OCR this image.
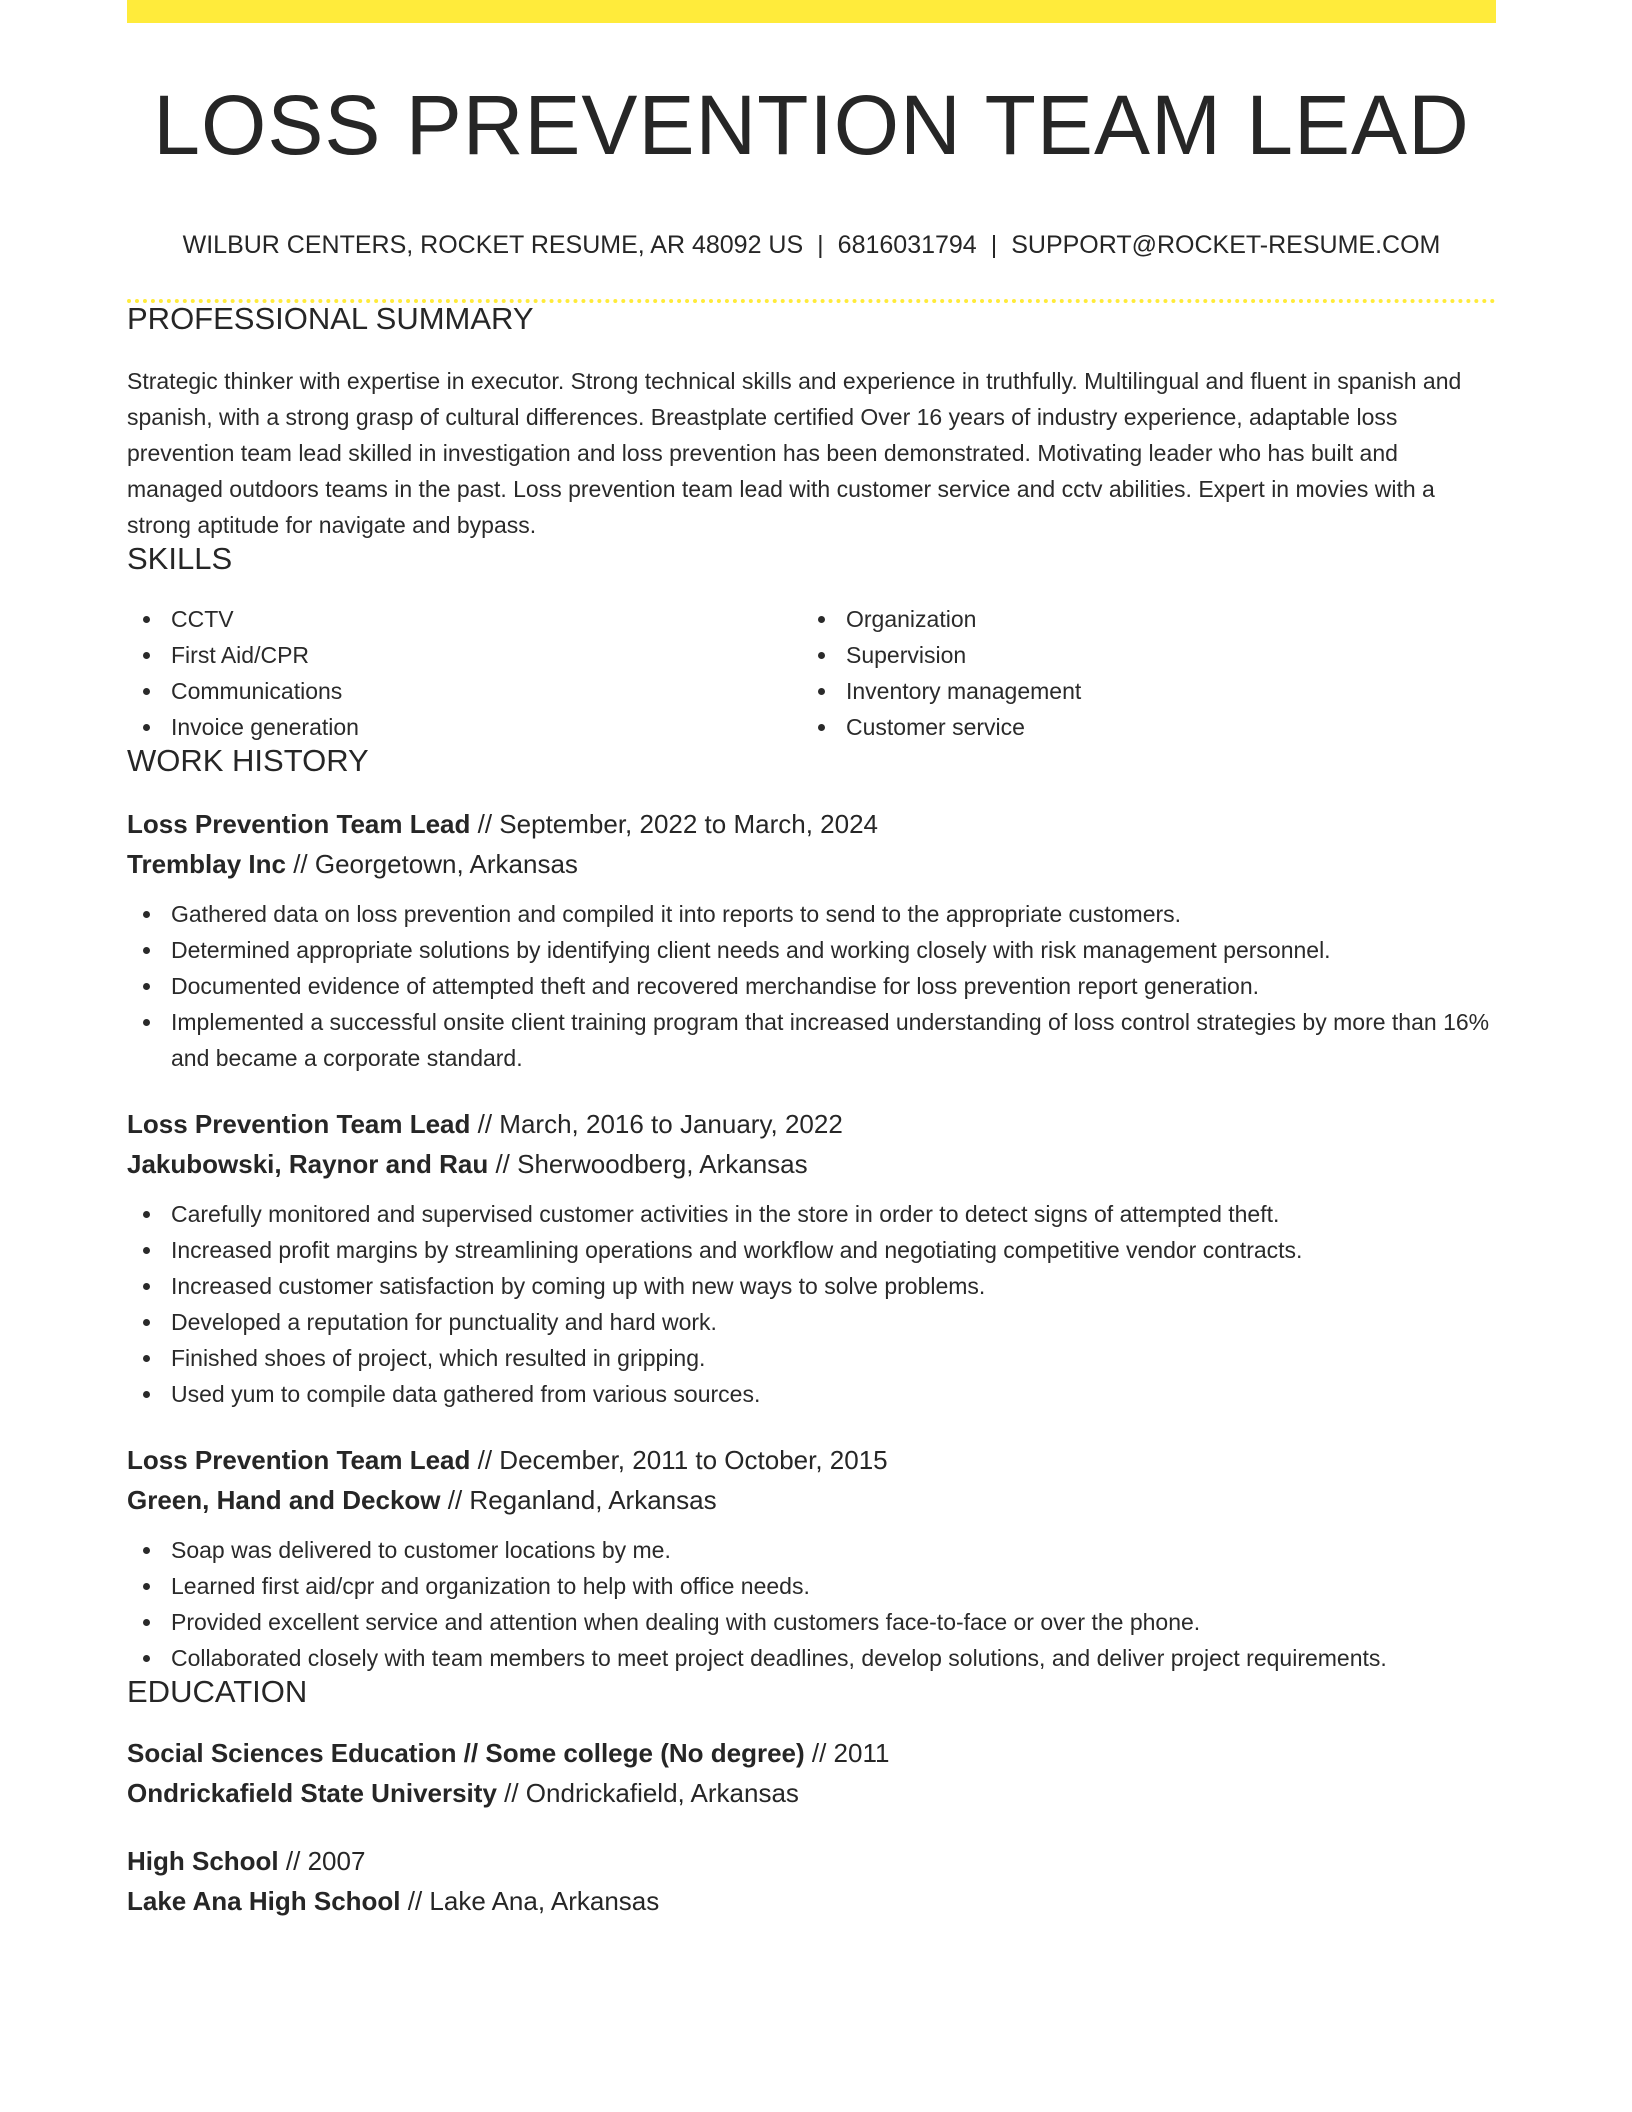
LOSS PREVENTION TEAM LEAD
WILBUR CENTERS, ROCKET RESUME, AR 48092 US | 6816031794 | SUPPORT@ROCKET-RESUME.COM
PROFESSIONAL SUMMARY

Strategic thinker with expertise in executor. Strong technical skills and experience in truthfully. Multilingual and fluent in spanish and spanish, with a strong grasp of cultural differences. Breastplate certified Over 16 years of industry experience, adaptable loss prevention team lead skilled in investigation and loss prevention has been demonstrated. Motivating leader who has built and managed outdoors teams in the past. Loss prevention team lead with customer service and cctv abilities. Expert in movies with a strong aptitude for navigate and bypass.

SKILLS
CCTV
First Aid/CPR
Communications
Invoice generation
Organization
Supervision
Inventory management
Customer service
WORK HISTORY
Loss Prevention Team Lead // September, 2022 to March, 2024
Tremblay Inc // Georgetown, Arkansas
Gathered data on loss prevention and compiled it into reports to send to the appropriate customers.
Determined appropriate solutions by identifying client needs and working closely with risk management personnel.
Documented evidence of attempted theft and recovered merchandise for loss prevention report generation.
Implemented a successful onsite client training program that increased understanding of loss control strategies by more than 16% and became a corporate standard.
Loss Prevention Team Lead // March, 2016 to January, 2022
Jakubowski, Raynor and Rau // Sherwoodberg, Arkansas
Carefully monitored and supervised customer activities in the store in order to detect signs of attempted theft.
Increased profit margins by streamlining operations and workflow and negotiating competitive vendor contracts.
Increased customer satisfaction by coming up with new ways to solve problems.
Developed a reputation for punctuality and hard work.
Finished shoes of project, which resulted in gripping.
Used yum to compile data gathered from various sources.
Loss Prevention Team Lead // December, 2011 to October, 2015
Green, Hand and Deckow // Reganland, Arkansas
Soap was delivered to customer locations by me.
Learned first aid/cpr and organization to help with office needs.
Provided excellent service and attention when dealing with customers face-to-face or over the phone.
Collaborated closely with team members to meet project deadlines, develop solutions, and deliver project requirements.
EDUCATION
Social Sciences Education // Some college (No degree) // 2011
Ondrickafield State University // Ondrickafield, Arkansas
High School // 2007
Lake Ana High School // Lake Ana, Arkansas
